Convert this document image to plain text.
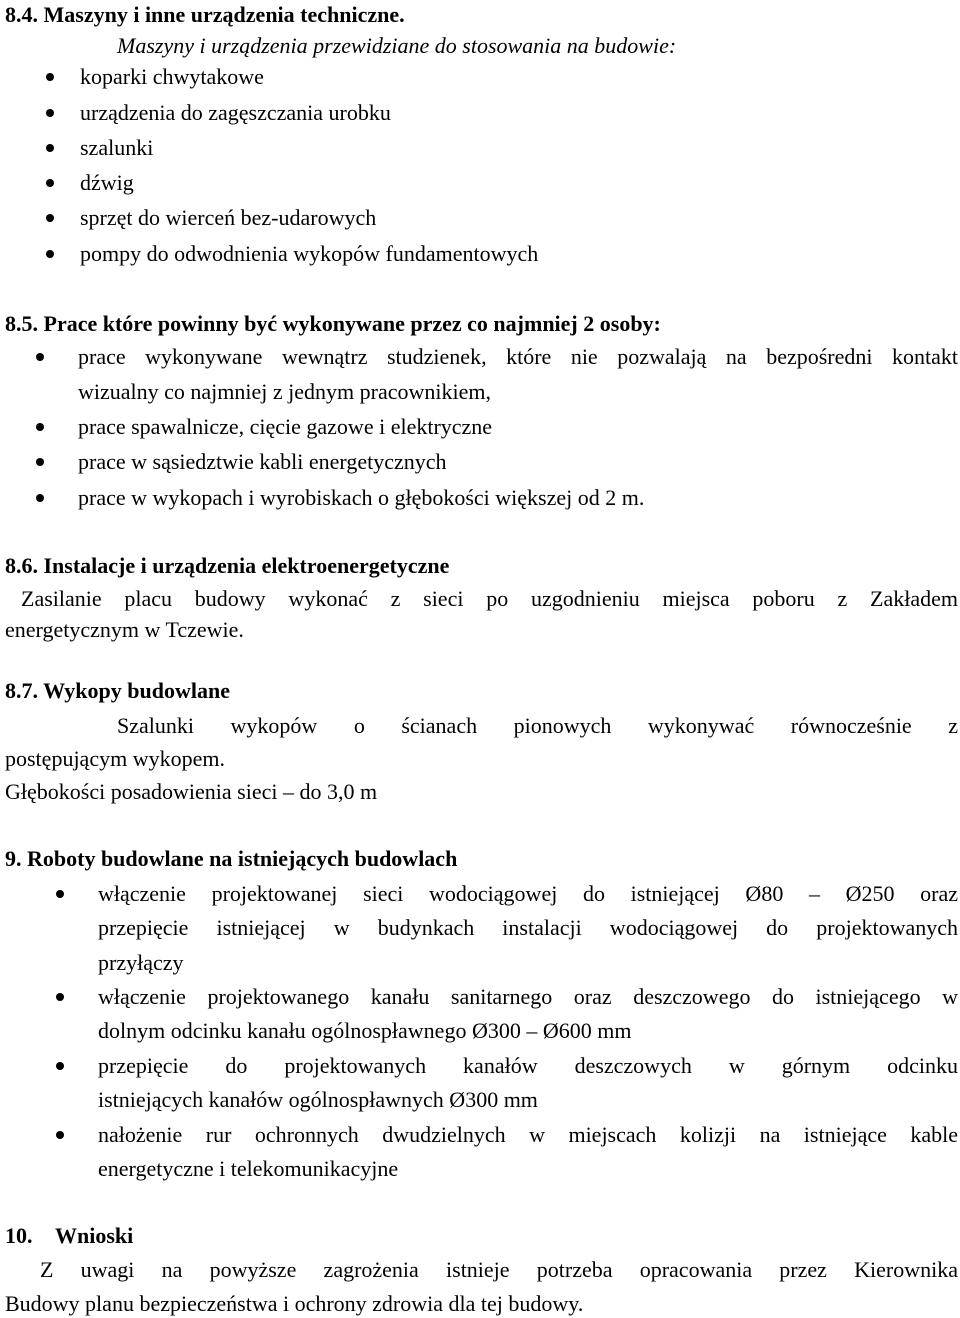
8.4. Maszyny i inne urządzenia techniczne.
Maszyny i urządzenia przewidziane do stosowania na budowie:
koparki chwytakowe
urządzenia do zagęszczania urobku
szalunki
dźwig
sprzęt do wierceń bez-udarowych
pompy do odwodnienia wykopów fundamentowych
8.5. Prace które powinny być wykonywane przez co najmniej 2 osoby:
prace wykonywane wewnątrz studzienek, które nie pozwalają na bezpośredni kontakt
wizualny co najmniej z jednym pracownikiem,
prace spawalnicze, cięcie gazowe i elektryczne
prace w sąsiedztwie kabli energetycznych
prace w wykopach i wyrobiskach o głębokości większej od 2 m.
8.6. Instalacje i urządzenia elektroenergetyczne
Zasilanie placu budowy wykonać z sieci po uzgodnieniu miejsca poboru z Zakładem
energetycznym w Tczewie.
8.7. Wykopy budowlane
Szalunki wykopów o ścianach pionowych wykonywać równocześnie z
postępującym wykopem.
Głębokości posadowienia sieci – do 3,0 m
9. Roboty budowlane na istniejących budowlach
włączenie projektowanej sieci wodociągowej do istniejącej Ø80 – Ø250 oraz
przepięcie istniejącej w budynkach instalacji wodociągowej do projektowanych
przyłączy
włączenie projektowanego kanału sanitarnego oraz deszczowego do istniejącego w
dolnym odcinku kanału ogólnospławnego Ø300 – Ø600 mm
przepięcie do projektowanych kanałów deszczowych w górnym odcinku
istniejących kanałów ogólnospławnych Ø300 mm
nałożenie rur ochronnych dwudzielnych w miejscach kolizji na istniejące kable
energetyczne i telekomunikacyjne
10. Wnioski
Z uwagi na powyższe zagrożenia istnieje potrzeba opracowania przez Kierownika
Budowy planu bezpieczeństwa i ochrony zdrowia dla tej budowy.
